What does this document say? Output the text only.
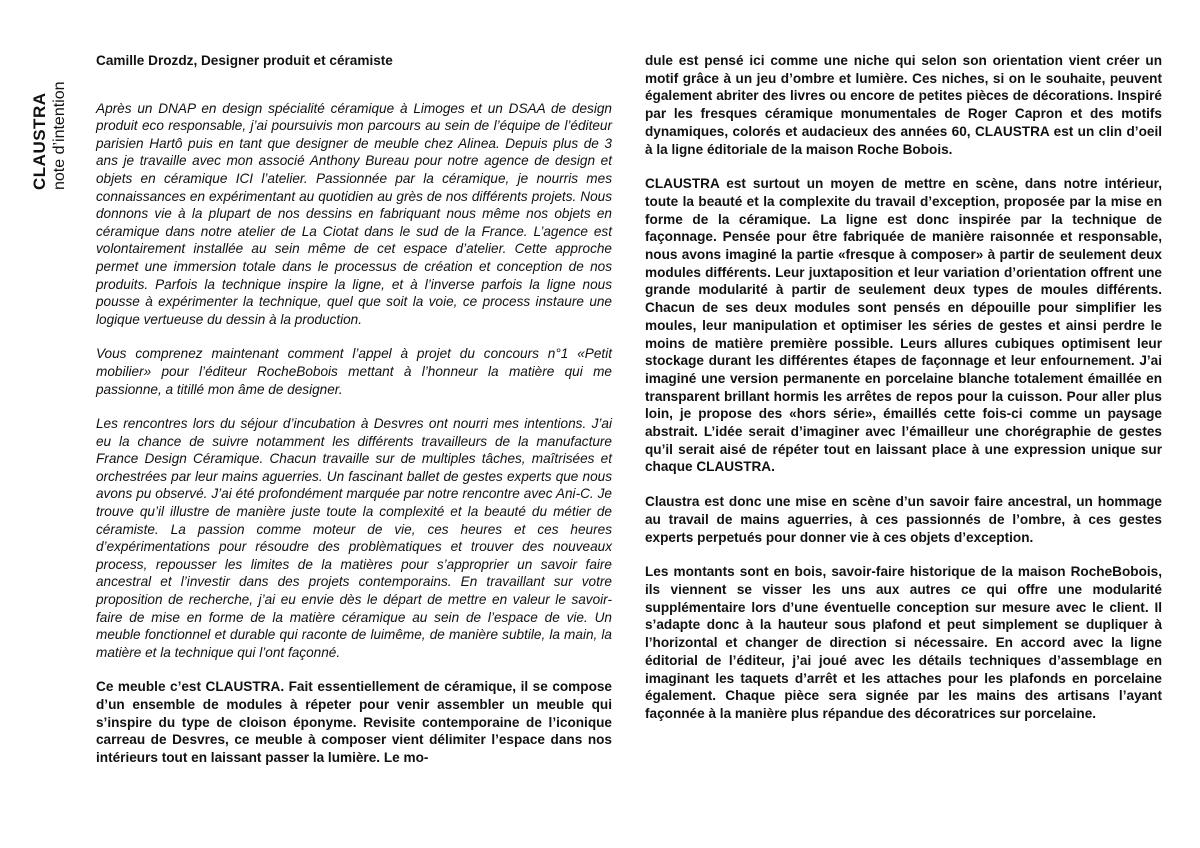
CLAUSTRA note d’intention

Camille Drozdz, Designer produit et céramiste

Après un DNAP en design spécialité céramique à Limoges et un DSAA de design produit eco responsable, j’ai poursuivis mon parcours au sein de l’équipe de l’éditeur parisien Hartô puis en tant que designer de meuble chez Alinea. Depuis plus de 3 ans je travaille avec mon associé Anthony Bureau pour notre agence de design et objets en céramique ICI l’atelier. Passionnée par la céramique, je nourris mes connaissances en expérimentant au quotidien au grès de nos différents projets. Nous donnons vie à la plupart de nos dessins en fabriquant nous même nos objets en céramique dans notre atelier de La Ciotat dans le sud de la France. L’agence est volontairement installée au sein même de cet espace d’atelier. Cette approche permet une immersion totale dans le processus de création et conception de nos produits. Parfois la technique inspire la ligne, et à l’inverse parfois la ligne nous pousse à expérimenter la technique, quel que soit la voie, ce process instaure une logique vertueuse du dessin à la production.

Vous comprenez maintenant comment l’appel à projet du concours n°1 «Petit mobilier» pour l’éditeur RocheBobois mettant à l’honneur la matière qui me passionne, a titillé mon âme de designer.

Les rencontres lors du séjour d’incubation à Desvres ont nourri mes intentions. J’ai eu la chance de suivre notamment les différents travailleurs de la manufacture France Design Céramique. Chacun travaille sur de multiples tâches, maîtrisées et orchestrées par leur mains aguerries. Un fascinant ballet de gestes experts que nous avons pu observé. J’ai été profondément marquée par notre rencontre avec Ani-C. Je trouve qu’il illustre de manière juste toute la complexité et la beauté du métier de céramiste. La passion comme moteur de vie, ces heures et ces heures d’expérimentations pour résoudre des problèmatiques et trouver des nouveaux process, repousser les limites de la matières pour s’approprier un savoir faire ancestral et l’investir dans des projets contemporains. En travaillant sur votre proposition de recherche, j’ai eu envie dès le départ de mettre en valeur le savoir-faire de mise en forme de la matière céramique au sein de l’espace de vie. Un meuble fonctionnel et durable qui raconte de luimême, de manière subtile, la main, la matière et la technique qui l’ont façonné.

Ce meuble c’est CLAUSTRA. Fait essentiellement de céramique, il se compose d’un ensemble de modules à répeter pour venir assembler un meuble qui s’inspire du type de cloison éponyme. Revisite contemporaine de l’iconique carreau de Desvres, ce meuble à composer vient délimiter l’espace dans nos intérieurs tout en laissant passer la lumière. Le mo-

dule est pensé ici comme une niche qui selon son orientation vient créer un motif grâce à un jeu d’ombre et lumière. Ces niches, si on le souhaite, peuvent également abriter des livres ou encore de petites pièces de décorations. Inspiré par les fresques céramique monumentales de Roger Capron et des motifs dynamiques, colorés et audacieux des années 60, CLAUSTRA est un clin d’oeil à la ligne éditoriale de la maison Roche Bobois.

CLAUSTRA est surtout un moyen de mettre en scène, dans notre intérieur, toute la beauté et la complexite du travail d’exception, proposée par la mise en forme de la céramique. La ligne est donc inspirée par la technique de façonnage. Pensée pour être fabriquée de manière raisonnée et responsable, nous avons imaginé la partie «fresque à composer» à partir de seulement deux modules différents. Leur juxtaposition et leur variation d’orientation offrent une grande modularité à partir de seulement deux types de moules différents. Chacun de ses deux modules sont pensés en dépouille pour simplifier les moules, leur manipulation et optimiser les séries de gestes et ainsi perdre le moins de matière première possible. Leurs allures cubiques optimisent leur stockage durant les différentes étapes de façonnage et leur enfournement. J’ai imaginé une version permanente en porcelaine blanche totalement émaillée en transparent brillant hormis les arrêtes de repos pour la cuisson. Pour aller plus loin, je propose des «hors série», émaillés cette fois-ci comme un paysage abstrait. L’idée serait d’imaginer avec l’émailleur une chorégraphie de gestes qu’il serait aisé de répéter tout en laissant place à une expression unique sur chaque CLAUSTRA.

Claustra est donc une mise en scène d’un savoir faire ancestral, un hommage au travail de mains aguerries, à ces passionnés de l’ombre, à ces gestes experts perpetués pour donner vie à ces objets d’exception.

Les montants sont en bois, savoir-faire historique de la maison RocheBobois, ils viennent se visser les uns aux autres ce qui offre une modularité supplémentaire lors d’une éventuelle conception sur mesure avec le client. Il s’adapte donc à la hauteur sous plafond et peut simplement se dupliquer à l’horizontal et changer de direction si nécessaire. En accord avec la ligne éditorial de l’éditeur, j’ai joué avec les détails techniques d’assemblage en imaginant les taquets d’arrêt et les attaches pour les plafonds en porcelaine également. Chaque pièce sera signée par les mains des artisans l’ayant façonnée à la manière plus répandue des décoratrices sur porcelaine.
